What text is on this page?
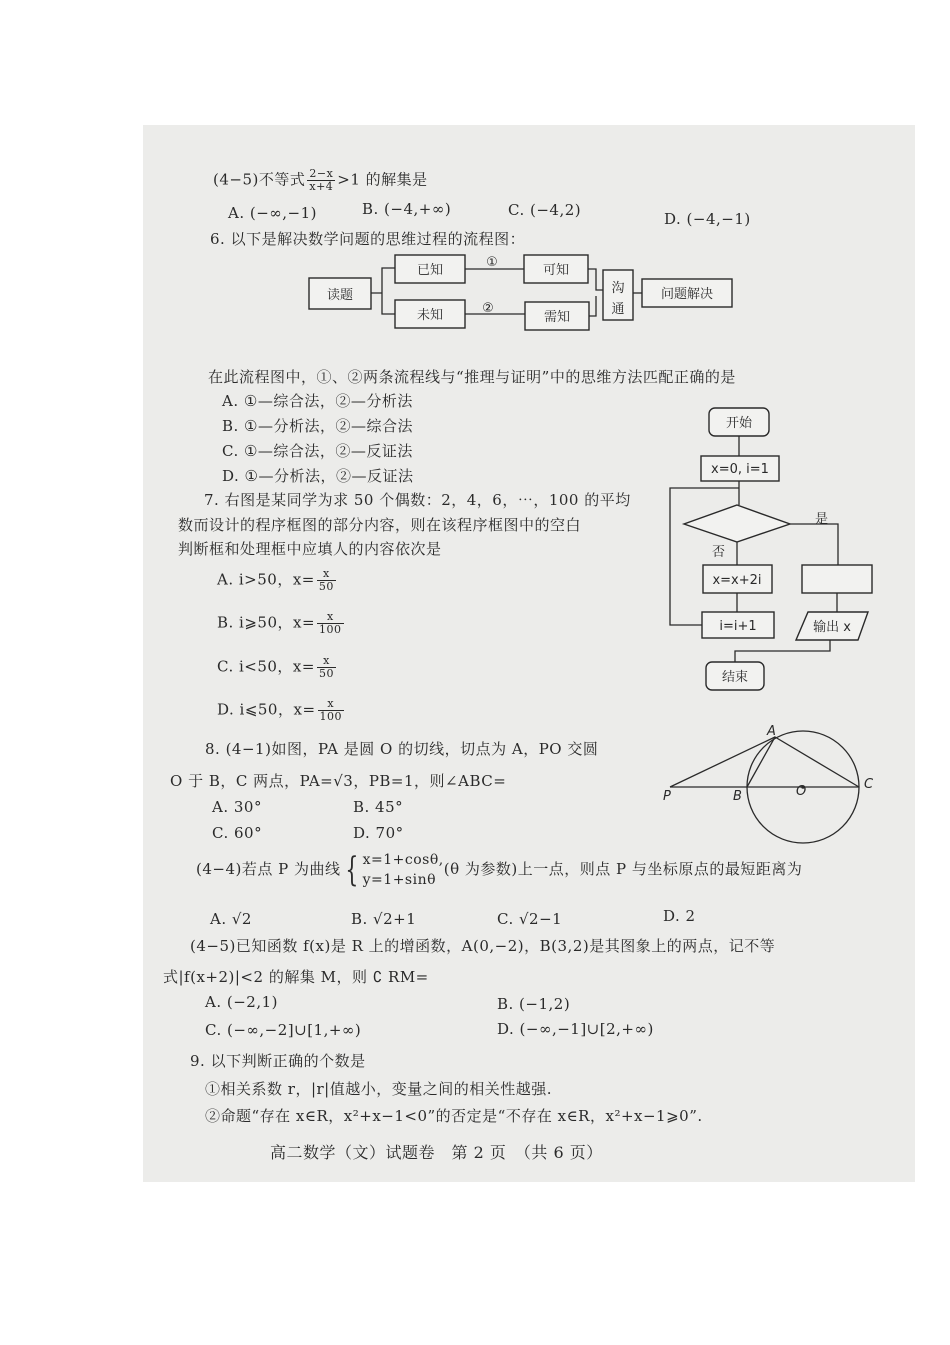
(4−5)不等式 $\frac{2-x}{x+4} >1$ 的解集是
A. (−∞,−1)	B. (−4,+∞)	C. (−4,2)	D. (−4,−1)
6. 以下是解决数学问题的思维过程的流程图：
读题
已知
未知
①
②
可知
需知
沟
通
问题解决
开始
x=0, i=1
是
否
x=x+2i
i=i+1	输出 x
结束
P	B	O	C
A
在此流程图中，①、②两条流程线与“推理与证明”中的思维方法匹配正确的是
A. ①—综合法，②—分析法
B. ①—分析法，②—综合法
C. ①—综合法，②—反证法
D. ①—分析法，②—反证法
7. 右图是某同学为求 50 个偶数：2，4，6，⋯，100 的平均
数而设计的程序框图的部分内容，则在该程序框图中的空白
判断框和处理框中应填人的内容依次是
A. i>50，$x= \frac{x}{50}$
B. i⩾50，$x= \frac{x}{100}$
C. i<50，$x= \frac{x}{50}$
D. i⩽50，$x= \frac{x}{100}$
8. (4−1)如图，PA 是圆 O 的切线，切点为 A，PO 交圆
O 于 B，C 两点，PA=√3，PB=1，则∠ABC=
A. 30°	B. 45°
C. 60°	D. 70°
(4−4)若点 P 为曲线 { x=1+cosθ,
y=1+sinθ
(θ 为参数)上一点，则点 P 与坐标原点的最短距离为
A. √2	B. √2+1	C. √2−1	D. 2
(4−5)已知函数 f(x)是 R 上的增函数，A(0,−2)，B(3,2)是其图象上的两点，记不等
式|f(x+2)|<2 的解集 M，则 ∁ RM=
A. (−2,1)	B. (−1,2)
C. (−∞,−2]∪[1,+∞)	D. (−∞,−1]∪[2,+∞)
9. 以下判断正确的个数是
①相关系数 r，|r|值越小，变量之间的相关性越强.
②命题“存在 x∈R，x²+x−1<0”的否定是“不存在 x∈R，x²+x−1⩾0”.
高二数学（文）试题卷　第 2 页　（共 6 页）
